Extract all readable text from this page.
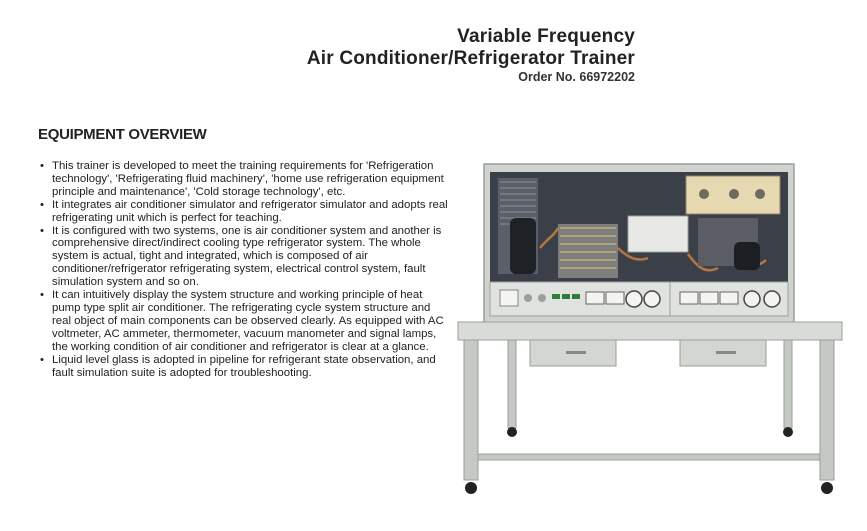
Variable Frequency
Air Conditioner/Refrigerator Trainer
Order No. 66972202
EQUIPMENT OVERVIEW
• This trainer is developed to meet the training requirements for 'Refrigeration technology', 'Refrigerating fluid machinery', 'home use refrigeration equipment principle and maintenance', 'Cold storage technology', etc.
• It integrates air conditioner simulator and refrigerator simulator and adopts real refrigerating unit which is perfect for teaching.
• It is configured with two systems, one is air conditioner system and another is comprehensive direct/indirect cooling type refrigerator system. The whole system is actual, tight and integrated, which is composed of air conditioner/refrigerator refrigerating system, electrical control system, fault simulation system and so on.
• It can intuitively display the system structure and working principle of heat pump type split air conditioner. The refrigerating cycle system structure and real object of main components can be observed clearly. As equipped with AC voltmeter, AC ammeter, thermometer, vacuum manometer and signal lamps, the working condition of air conditioner and refrigerator is clear at a glance.
• Liquid level glass is adopted in pipeline for refrigerant state observation, and fault simulation suite is adopted for troubleshooting.
